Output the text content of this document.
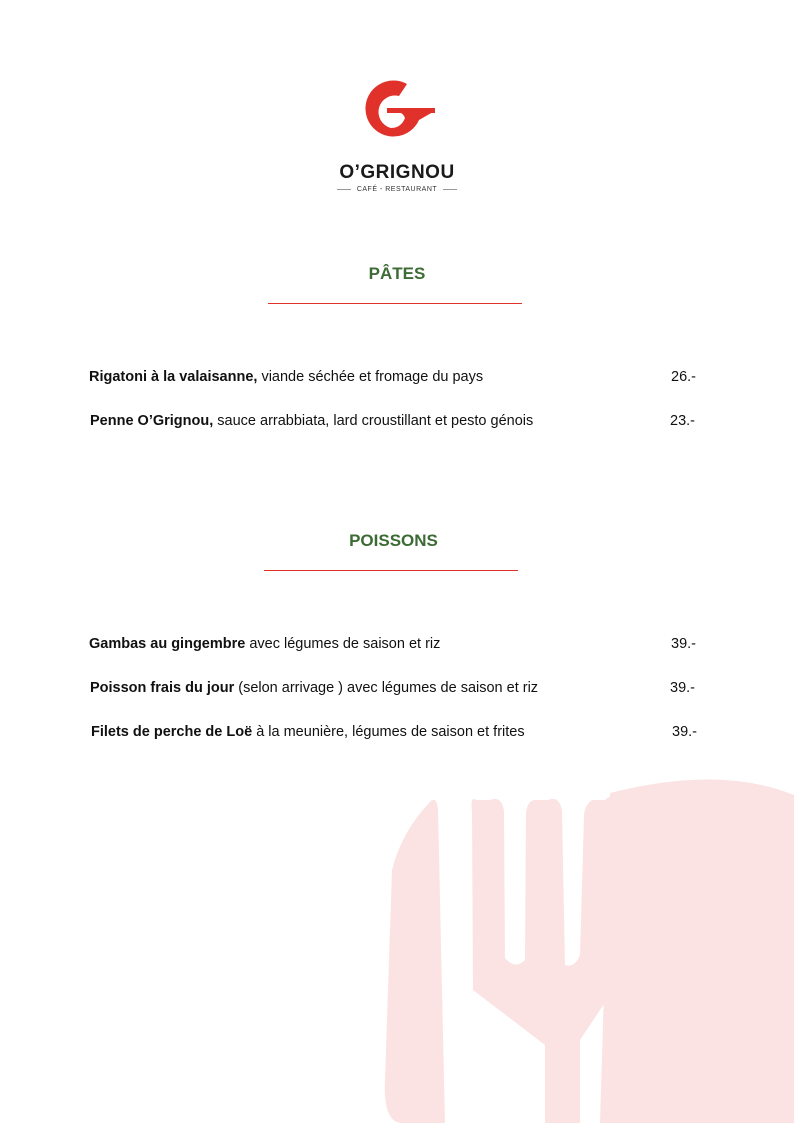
O’GRIGNOU
CAFÉ - RESTAURANT
PÂTES
Rigatoni à la valaisanne, viande séchée et fromage du pays	26.-
Penne O’Grignou, sauce arrabbiata, lard croustillant et pesto génois	23.-
POISSONS
Gambas au gingembre avec légumes de saison et riz	39.-
Poisson frais du jour (selon arrivage ) avec légumes de saison et riz	39.-
Filets de perche de Loë à la meunière, légumes de saison et frites	39.-
